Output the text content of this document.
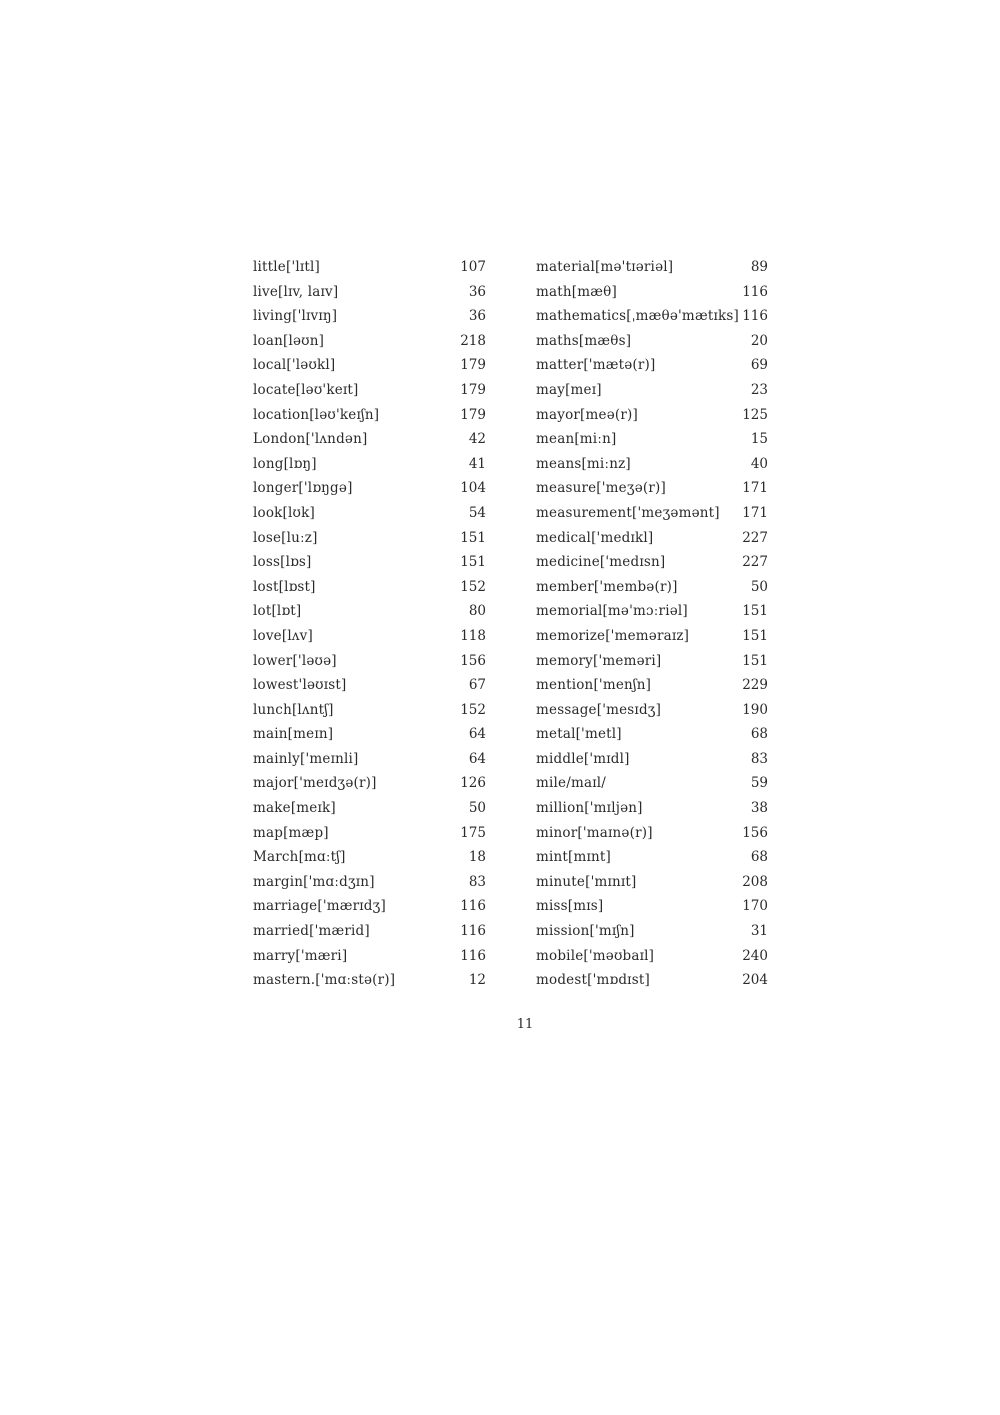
little['lɪtl]	107
live[lɪv, laɪv]	36
living['lɪvɪŋ]	36
loan[ləʊn]	218
local['ləʊkl]	179
locate[ləʊ'keɪt]	179
location[ləʊ'keɪʃn]	179
London['lʌndən]	42
long[lɒŋ]	41
longer['lɒŋgə]	104
look[lʊk]	54
lose[luːz]	151
loss[lɒs]	151
lost[lɒst]	152
lot[lɒt]	80
love[lʌv]	118
lower['ləʊə]	156
lowest'ləʊɪst]	67
lunch[lʌntʃ]	152
main[meɪn]	64
mainly['meɪnli]	64
major['meɪdʒə(r)]	126
make[meɪk]	50
map[mæp]	175
March[mɑːtʃ]	18
margin['mɑːdʒɪn]	83
marriage['mærɪdʒ]	116
married['mærid]	116
marry['mæri]	116
mastern.['mɑːstə(r)]	12
material[mə'tɪəriəl]	89
math[mæθ]	116
mathematics[ˌmæθə'mætɪks] 116
maths[mæθs]	20
matter['mætə(r)]	69
may[meɪ]	23
mayor[meə(r)]	125
mean[miːn]	15
means[miːnz]	40
measure['meʒə(r)]	171
measurement['meʒəmənt] 171
medical['medɪkl]	227
medicine['medɪsn]	227
member['membə(r)]	50
memorial[mə'mɔːriəl]	151
memorize['meməraɪz]	151
memory['meməri]	151
mention['menʃn]	229
message['mesɪdʒ]	190
metal['metl]	68
middle['mɪdl]	83
mile/maɪl/	59
million['mɪljən]	38
minor['maɪnə(r)]	156
mint[mɪnt]	68
minute['mɪnɪt]	208
miss[mɪs]	170
mission['mɪʃn]	31
mobile['məʊbaɪl]	240
modest['mɒdɪst]	204
11
